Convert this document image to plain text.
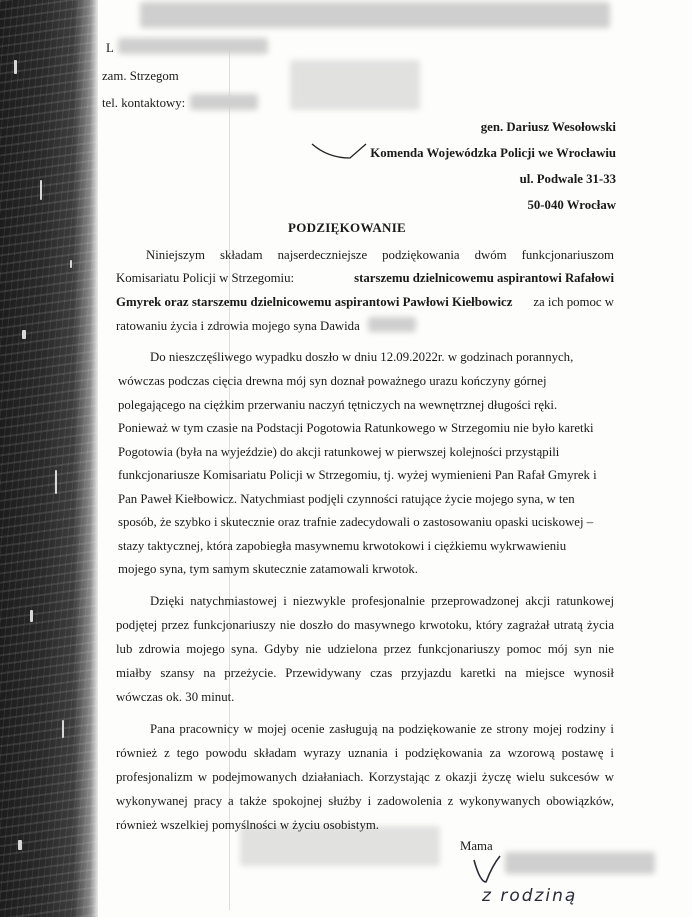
L
zam. Strzegom
tel. kontaktowy:
gen. Dariusz Wesołowski
Komenda Wojewódzka Policji we Wrocławiu
ul. Podwale 31-33
50-040 Wrocław
PODZIĘKOWANIE
Niniejszym składam najserdeczniejsze podziękowania dwóm funkcjonariuszom
Komisariatu Policji w Strzegomiu:	starszemu dzielnicowemu aspirantowi Rafałowi
Gmyrek oraz starszemu dzielnicowemu aspirantowi Pawłowi Kiełbowicz za ich pomoc w
ratowaniu życia i zdrowia mojego syna Dawida
Do nieszczęśliwego wypadku doszło w dniu 12.09.2022r. w godzinach porannych,
wówczas podczas cięcia drewna mój syn doznał poważnego urazu kończyny górnej
polegającego na ciężkim przerwaniu naczyń tętniczych na wewnętrznej długości ręki.
Ponieważ w tym czasie na Podstacji Pogotowia Ratunkowego w Strzegomiu nie było karetki
Pogotowia (była na wyjeździe) do akcji ratunkowej w pierwszej kolejności przystąpili
funkcjonariusze Komisariatu Policji w Strzegomiu, tj. wyżej wymienieni Pan Rafał Gmyrek i
Pan Paweł Kiełbowicz. Natychmiast podjęli czynności ratujące życie mojego syna, w ten
sposób, że szybko i skutecznie oraz trafnie zadecydowali o zastosowaniu opaski uciskowej –
stazy taktycznej, która zapobiegła masywnemu krwotokowi i ciężkiemu wykrwawieniu
mojego syna, tym samym skutecznie zatamowali krwotok.
Dzięki natychmiastowej i niezwykle profesjonalnie przeprowadzonej akcji ratunkowej
podjętej przez funkcjonariuszy nie doszło do masywnego krwotoku, który zagrażał utratą życia
lub zdrowia mojego syna. Gdyby nie udzielona przez funkcjonariuszy pomoc mój syn nie
miałby szansy na przeżycie. Przewidywany czas przyjazdu karetki na miejsce wynosił
wówczas ok. 30 minut.
Pana pracownicy w mojej ocenie zasługują na podziękowanie ze strony mojej rodziny i
również z tego powodu składam wyrazy uznania i podziękowania za wzorową postawę i
profesjonalizm w podejmowanych działaniach. Korzystając z okazji życzę wielu sukcesów w
wykonywanej pracy a także spokojnej służby i zadowolenia z wykonywanych obowiązków,
również wszelkiej pomyślności w życiu osobistym.
Mama
z rodziną
